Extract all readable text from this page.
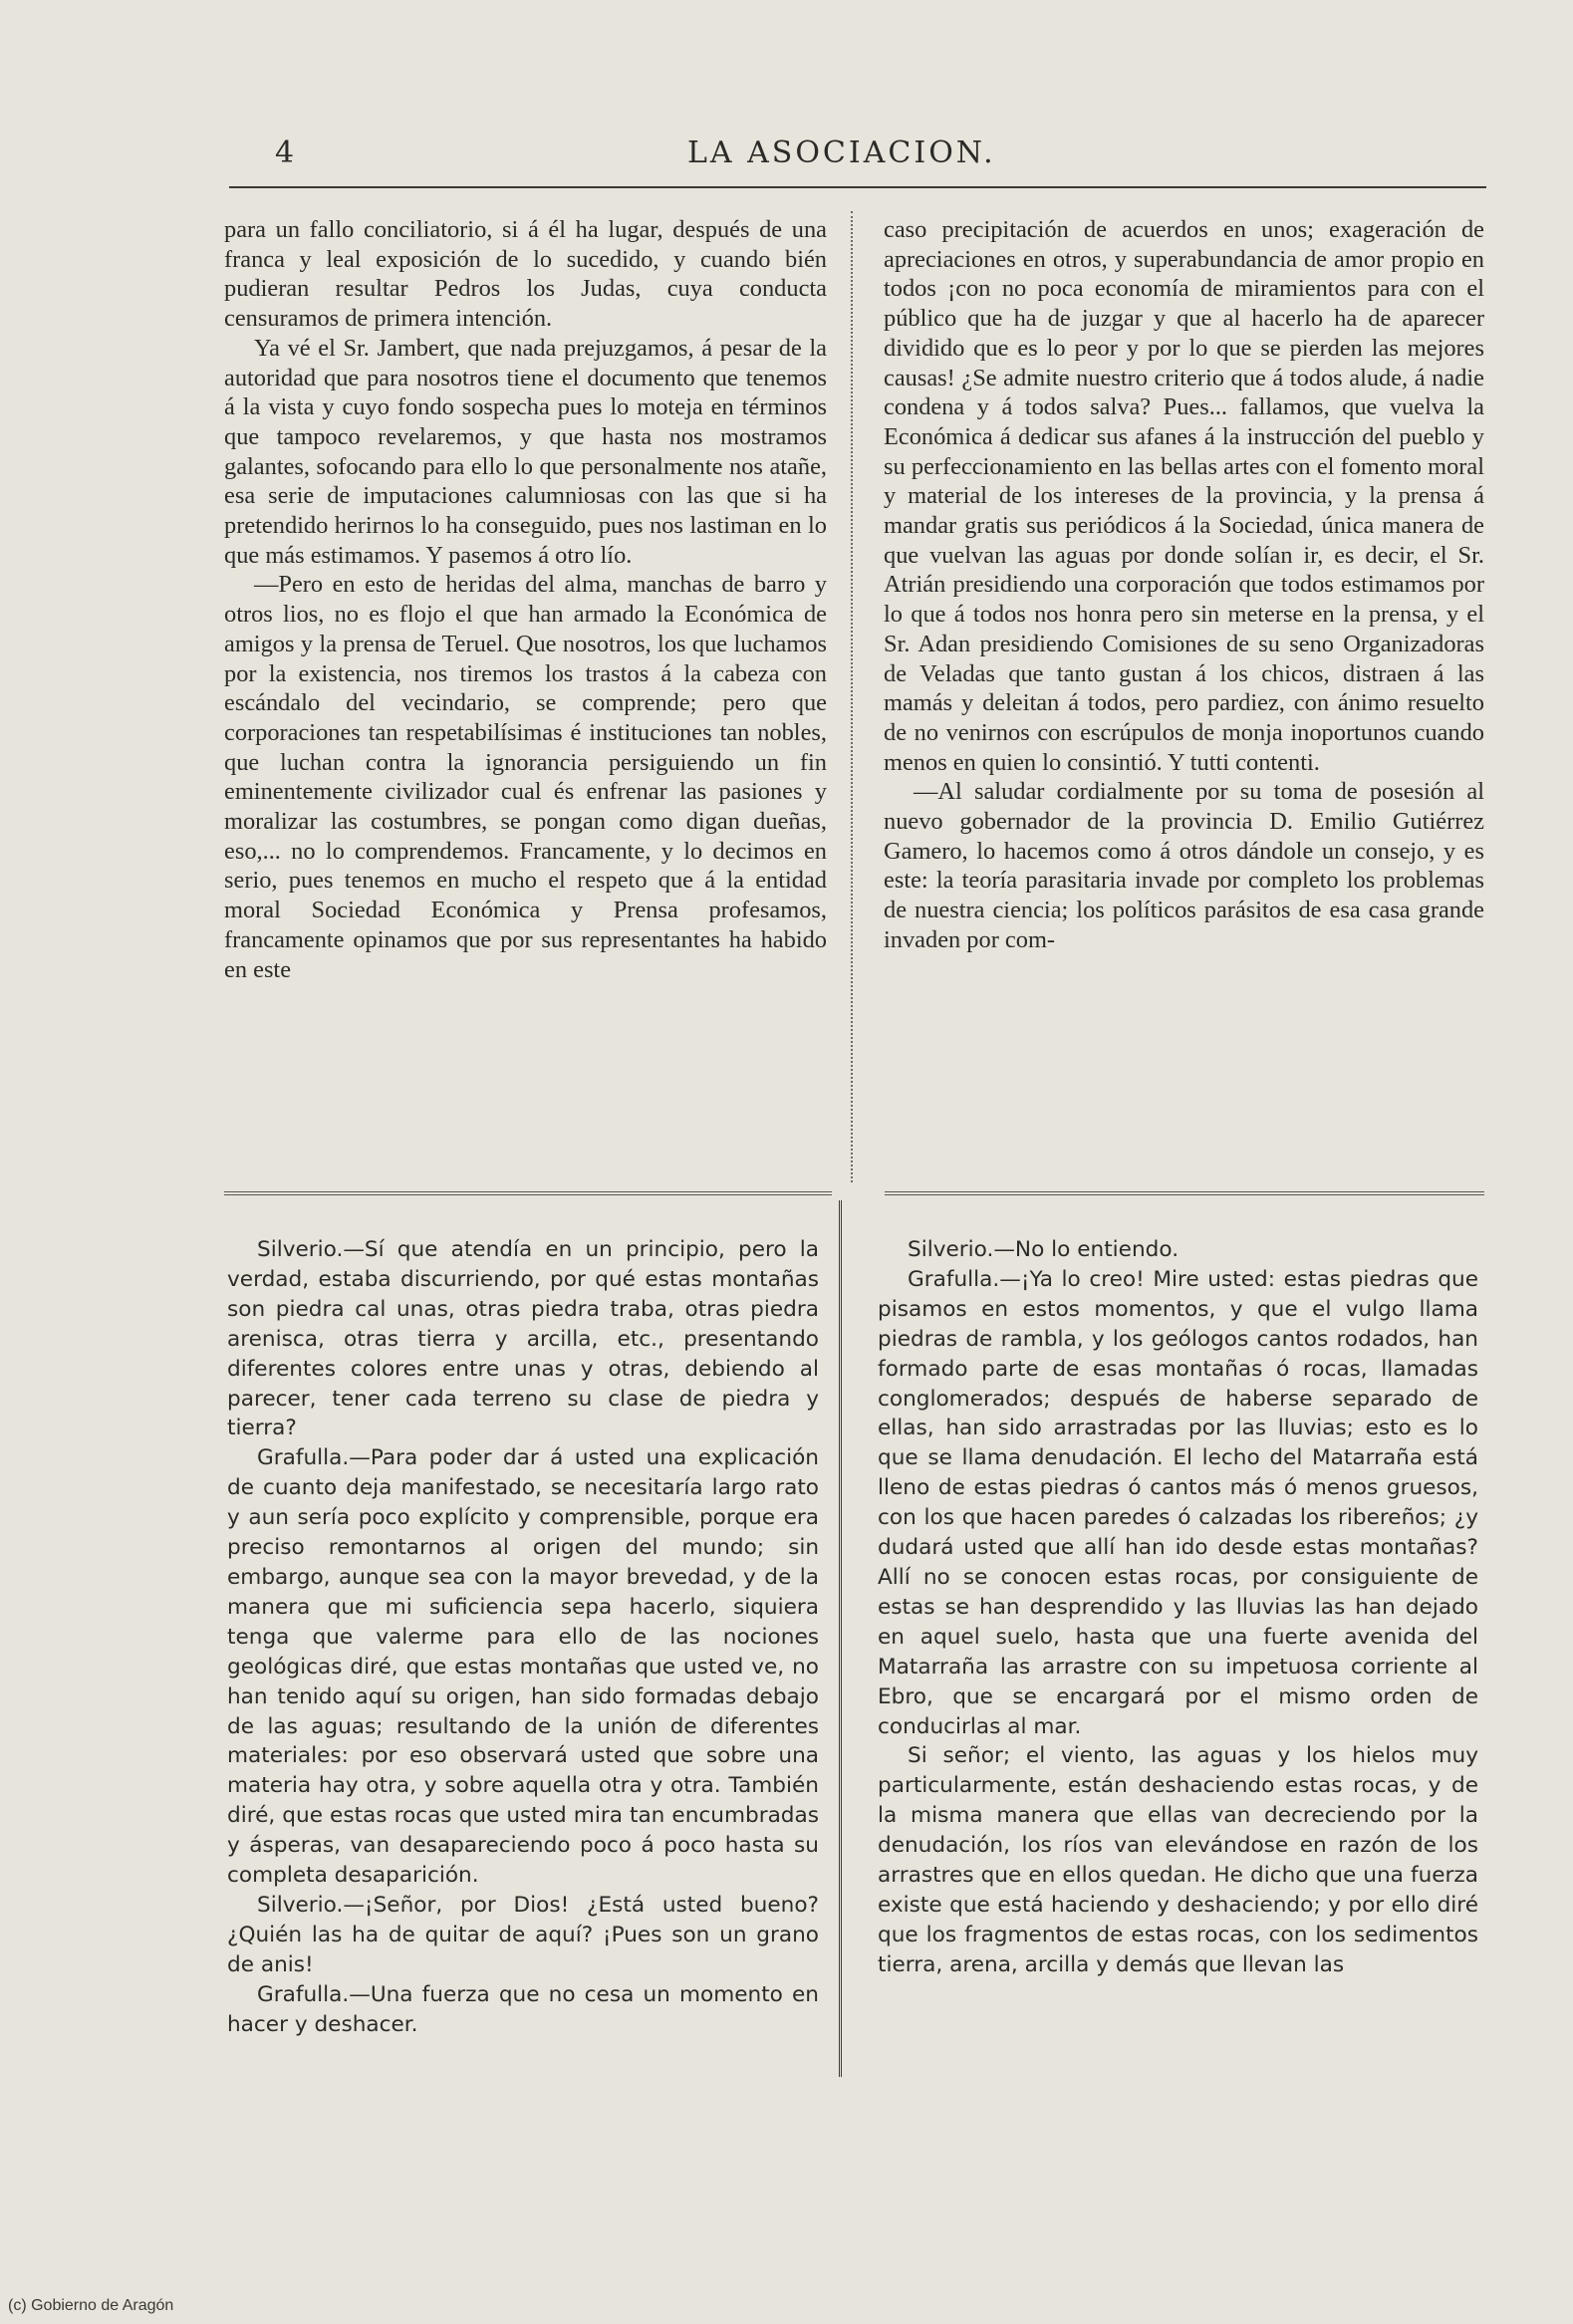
4	LA ASOCIACION.

para un fallo conciliatorio, si á él ha lugar, después de una franca y leal exposición de lo sucedido, y cuando bién pudieran resultar Pedros los Judas, cuya conducta censuramos de primera intención.

Ya vé el Sr. Jambert, que nada prejuzgamos, á pesar de la autoridad que para nosotros tiene el documento que tenemos á la vista y cuyo fondo sospecha pues lo moteja en términos que tampoco revelaremos, y que hasta nos mostramos galantes, sofocando para ello lo que personalmente nos atañe, esa serie de imputaciones calumniosas con las que si ha pretendido herirnos lo ha conseguido, pues nos lastiman en lo que más estimamos. Y pasemos á otro lío.

—Pero en esto de heridas del alma, manchas de barro y otros lios, no es flojo el que han armado la Económica de amigos y la prensa de Teruel. Que nosotros, los que luchamos por la existencia, nos tiremos los trastos á la cabeza con escándalo del vecindario, se comprende; pero que corporaciones tan respetabilísimas é instituciones tan nobles, que luchan contra la ignorancia persiguiendo un fin eminentemente civilizador cual és enfrenar las pasiones y moralizar las costumbres, se pongan como digan dueñas, eso,... no lo comprendemos. Francamente, y lo decimos en serio, pues tenemos en mucho el respeto que á la entidad moral Sociedad Económica y Prensa profesamos, francamente opinamos que por sus representantes ha habido en este

caso precipitación de acuerdos en unos; exageración de apreciaciones en otros, y superabundancia de amor propio en todos ¡con no poca economía de miramientos para con el público que ha de juzgar y que al hacerlo ha de aparecer dividido que es lo peor y por lo que se pierden las mejores causas! ¿Se admite nuestro criterio que á todos alude, á nadie condena y á todos salva? Pues... fallamos, que vuelva la Económica á dedicar sus afanes á la instrucción del pueblo y su perfeccionamiento en las bellas artes con el fomento moral y material de los intereses de la provincia, y la prensa á mandar gratis sus periódicos á la Sociedad, única manera de que vuelvan las aguas por donde solían ir, es decir, el Sr. Atrián presidiendo una corporación que todos estimamos por lo que á todos nos honra pero sin meterse en la prensa, y el Sr. Adan presidiendo Comisiones de su seno Organizadoras de Veladas que tanto gustan á los chicos, distraen á las mamás y deleitan á todos, pero pardiez, con ánimo resuelto de no venirnos con escrúpulos de monja inoportunos cuando menos en quien lo consintió. Y tutti contenti.

—Al saludar cordialmente por su toma de posesión al nuevo gobernador de la provincia D. Emilio Gutiérrez Gamero, lo hacemos como á otros dándole un consejo, y es este: la teoría parasitaria invade por completo los problemas de nuestra ciencia; los políticos parásitos de esa casa grande invaden por com-

Silverio.—Sí que atendía en un principio, pero la verdad, estaba discurriendo, por qué estas montañas son piedra cal unas, otras piedra traba, otras piedra arenisca, otras tierra y arcilla, etc., presentando diferentes colores entre unas y otras, debiendo al parecer, tener cada terreno su clase de piedra y tierra?

Grafulla.—Para poder dar á usted una explicación de cuanto deja manifestado, se necesitaría largo rato y aun sería poco explícito y comprensible, porque era preciso remontarnos al origen del mundo; sin embargo, aunque sea con la mayor brevedad, y de la manera que mi suficiencia sepa hacerlo, siquiera tenga que valerme para ello de las nociones geológicas diré, que estas montañas que usted ve, no han tenido aquí su origen, han sido formadas debajo de las aguas; resultando de la unión de diferentes materiales: por eso observará usted que sobre una materia hay otra, y sobre aquella otra y otra. También diré, que estas rocas que usted mira tan encumbradas y ásperas, van desapareciendo poco á poco hasta su completa desaparición.

Silverio.—¡Señor, por Dios! ¿Está usted bueno? ¿Quién las ha de quitar de aquí? ¡Pues son un grano de anis!

Grafulla.—Una fuerza que no cesa un momento en hacer y deshacer.

Silverio.—No lo entiendo.

Grafulla.—¡Ya lo creo! Mire usted: estas piedras que pisamos en estos momentos, y que el vulgo llama piedras de rambla, y los geólogos cantos rodados, han formado parte de esas montañas ó rocas, llamadas conglomerados; después de haberse separado de ellas, han sido arrastradas por las lluvias; esto es lo que se llama denudación. El lecho del Matarraña está lleno de estas piedras ó cantos más ó menos gruesos, con los que hacen paredes ó calzadas los ribereños; ¿y dudará usted que allí han ido desde estas montañas? Allí no se conocen estas rocas, por consiguiente de estas se han desprendido y las lluvias las han dejado en aquel suelo, hasta que una fuerte avenida del Matarraña las arrastre con su impetuosa corriente al Ebro, que se encargará por el mismo orden de conducirlas al mar.

Si señor; el viento, las aguas y los hielos muy particularmente, están deshaciendo estas rocas, y de la misma manera que ellas van decreciendo por la denudación, los ríos van elevándose en razón de los arrastres que en ellos quedan. He dicho que una fuerza existe que está haciendo y deshaciendo; y por ello diré que los fragmentos de estas rocas, con los sedimentos tierra, arena, arcilla y demás que llevan las

(c) Gobierno de Aragón
